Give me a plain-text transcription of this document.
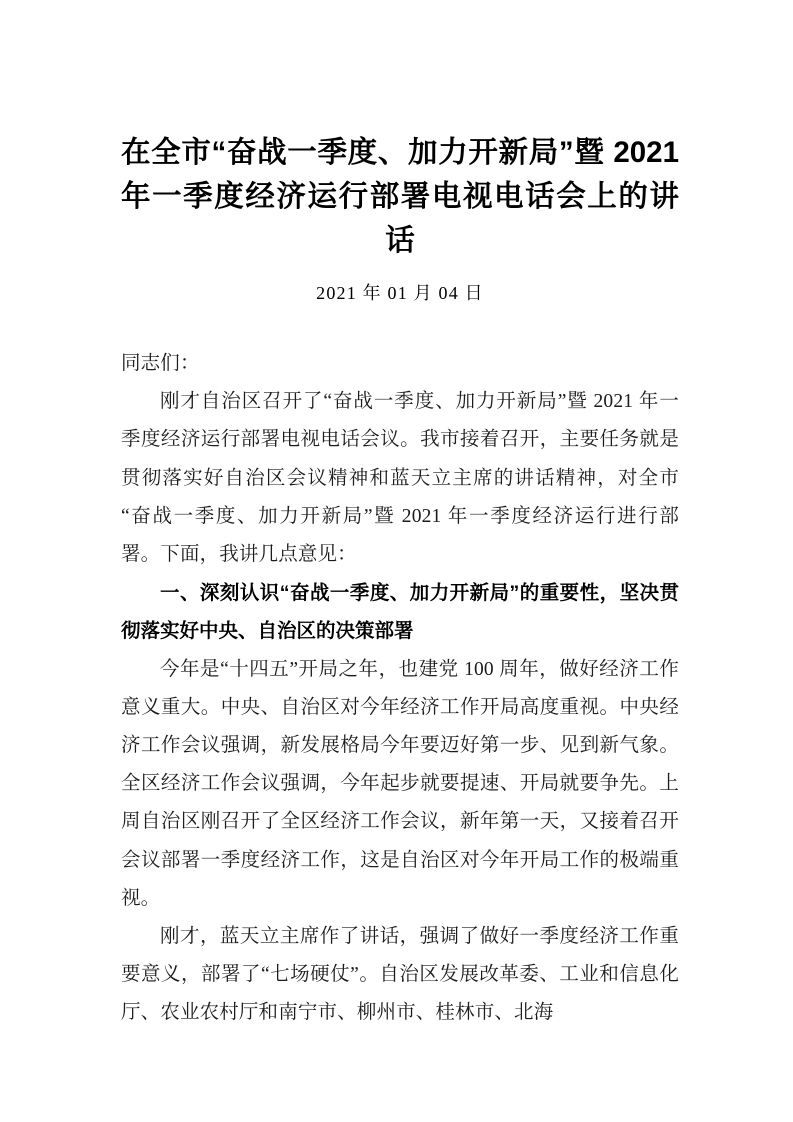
在全市“奋战一季度、加力开新局”暨 2021 年一季度经济运行部署电视电话会上的讲话
2021 年 01 月 04 日

同志们：

刚才自治区召开了“奋战一季度、加力开新局”暨 2021 年一季度经济运行部署电视电话会议。我市接着召开，主要任务就是贯彻落实好自治区会议精神和蓝天立主席的讲话精神，对全市“奋战一季度、加力开新局”暨 2021 年一季度经济运行进行部署。下面，我讲几点意见：

一、深刻认识“奋战一季度、加力开新局”的重要性，坚决贯彻落实好中央、自治区的决策部署

今年是“十四五”开局之年，也建党 100 周年，做好经济工作意义重大。中央、自治区对今年经济工作开局高度重视。中央经济工作会议强调，新发展格局今年要迈好第一步、见到新气象。全区经济工作会议强调，今年起步就要提速、开局就要争先。上周自治区刚召开了全区经济工作会议，新年第一天，又接着召开会议部署一季度经济工作，这是自治区对今年开局工作的极端重视。

刚才，蓝天立主席作了讲话，强调了做好一季度经济工作重要意义，部署了“七场硬仗”。自治区发展改革委、工业和信息化厅、农业农村厅和南宁市、柳州市、桂林市、北海
